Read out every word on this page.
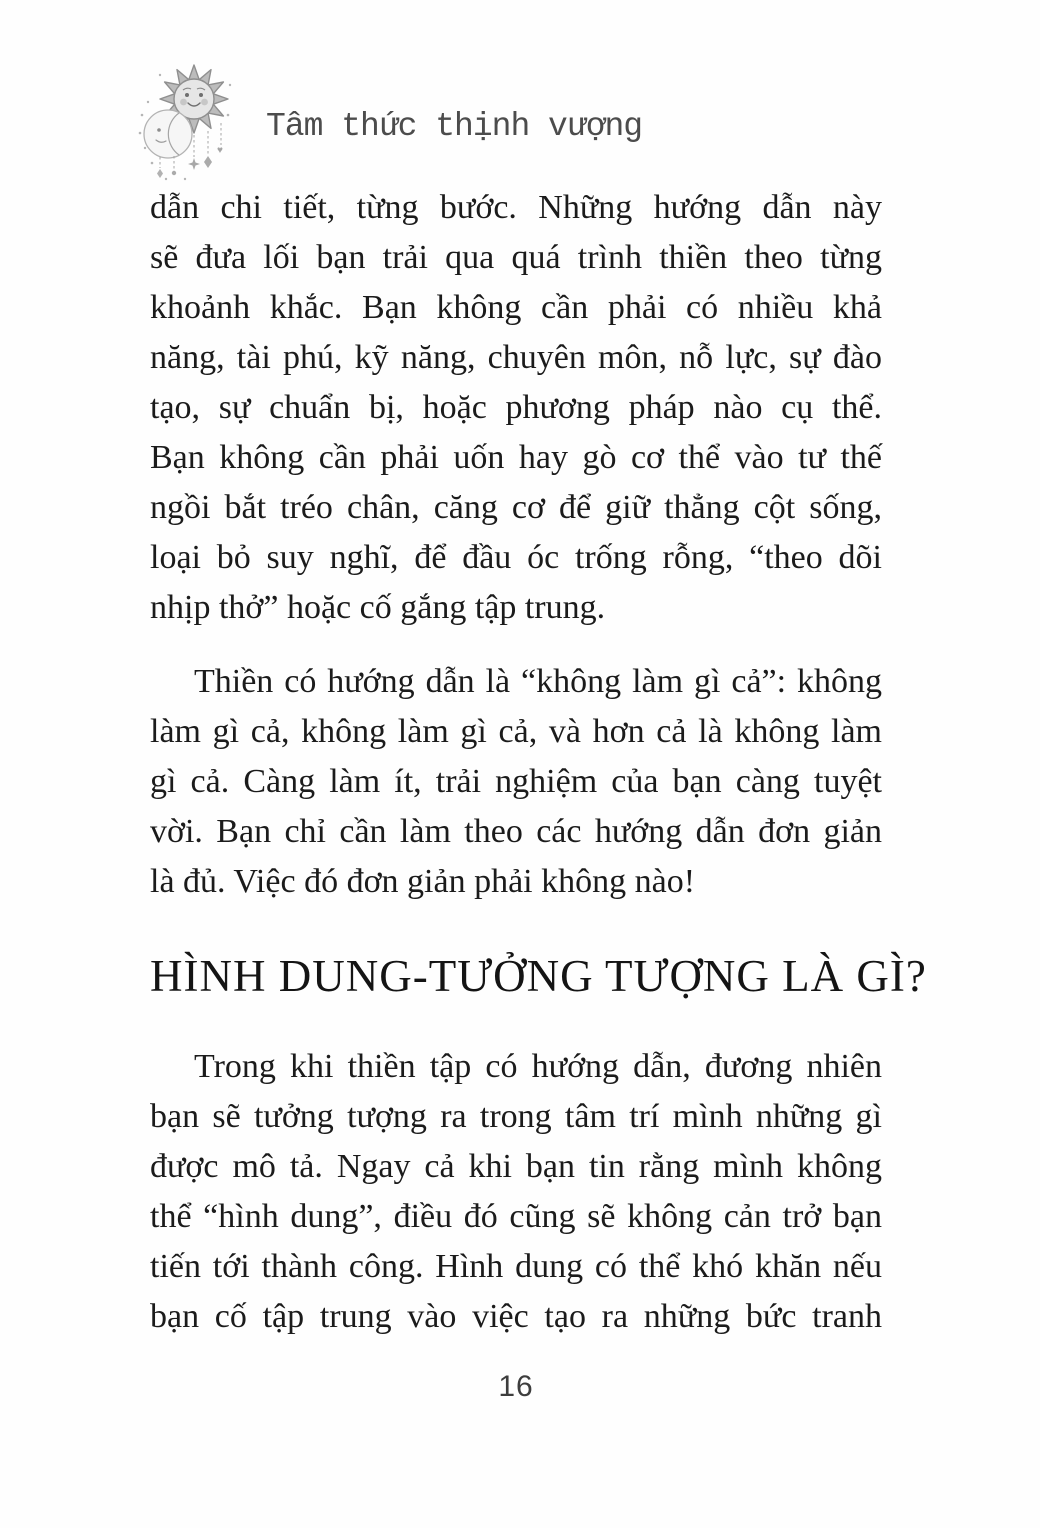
♥
Tâm thức thịnh vượng
dẫn chi tiết, từng bước. Những hướng dẫn này
sẽ đưa lối bạn trải qua quá trình thiền theo từng
khoảnh khắc. Bạn không cần phải có nhiều khả
năng, tài phú, kỹ năng, chuyên môn, nỗ lực, sự đào
tạo, sự chuẩn bị, hoặc phương pháp nào cụ thể.
Bạn không cần phải uốn hay gò cơ thể vào tư thế
ngồi bắt tréo chân, căng cơ để giữ thẳng cột sống,
loại bỏ suy nghĩ, để đầu óc trống rỗng, “theo dõi
nhịp thở” hoặc cố gắng tập trung.
Thiền có hướng dẫn là “không làm gì cả”: không
làm gì cả, không làm gì cả, và hơn cả là không làm
gì cả. Càng làm ít, trải nghiệm của bạn càng tuyệt
vời. Bạn chỉ cần làm theo các hướng dẫn đơn giản
là đủ. Việc đó đơn giản phải không nào!
HÌNH DUNG-TƯỞNG TƯỢNG LÀ GÌ?
Trong khi thiền tập có hướng dẫn, đương nhiên
bạn sẽ tưởng tượng ra trong tâm trí mình những gì
được mô tả. Ngay cả khi bạn tin rằng mình không
thể “hình dung”, điều đó cũng sẽ không cản trở bạn
tiến tới thành công. Hình dung có thể khó khăn nếu
bạn cố tập trung vào việc tạo ra những bức tranh
16
